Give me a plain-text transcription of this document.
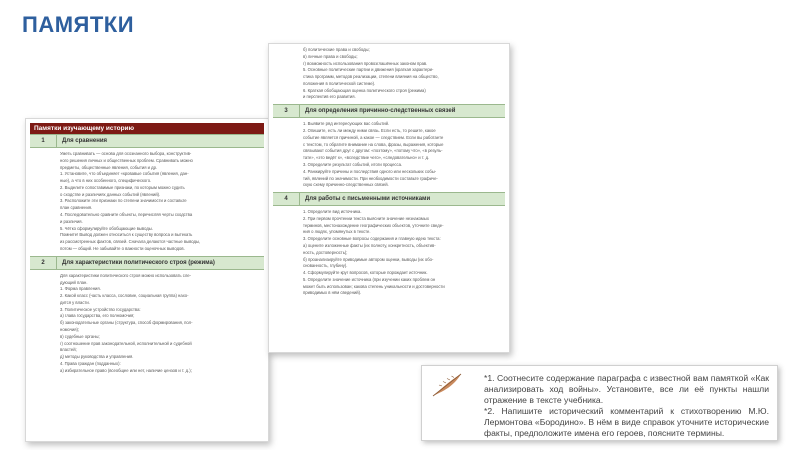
ПАМЯТКИ
Памятки изучающему историю
1	Для сравнения

Уметь сравнивать — основа для осознанного выбора, конструктив-

ного решения личных и общественных проблем. Сравнивать можно

предметы, общественные явления, события и др.

1. Установите, что объединяет «кровавые события (явления, дан-

ные), а что в них особенного, специфического.

2. Выделите сопоставимые признаки, по которым можно судить

о сходстве и различиях данных событий (явлений).

3. Расположите эти признаки по степени значимости и составьте

план сравнения.

4. Последовательно сравните объекты, перечисляя черты сходства

и различия.

5. Чётко сформулируйте обобщающие выводы.

Помните! Вывод должен относиться к существу вопроса и вытекать

из рассмотренных фактов, связей. Сначала делаются частные выводы,

потом — общий. Не забывайте о важности оценочных выводов.

2	Для характеристики политического строя (режима)

Для характеристики политического строя можно использовать сле-

дующий план.

1. Форма правления.

2. Какой класс (часть класса, сословие, социальная группа) нахо-

дится у власти.

3. Политическое устройство государства:

а) глава государства, его полномочия;

б) законодательные органы (структура, способ формирования, пол-

номочия);

в) судебные органы;

г) соотношение прав законодательной, исполнительной и судебной

властей;

д) методы руководства и управления.

4. Права граждан (подданных):

а) избирательное право (всеобщее или нет, наличие цензов и т. д.);

б) политические права и свободы;

в) личные права и свободы;

г) возможность использования провозглашённых законом прав.

5. Основные политические партии и движения (краткая характери-

стика программ, методов реализации, степени влияния на общество,

положения в политической системе).

6. Краткая обобщающая оценка политического строя (режима)

и перспектив его развития.

3	Для определения причинно-следственных связей

1. Выявите ряд интересующих вас событий.

2. Опишите, есть ли между ними связь. Если есть, то решите, какое

событие является причиной, а какое — следствием. Если вы работаете

с текстом, то обратите внимание на слова, фразы, выражения, которые

связывают события друг с другом: «поэтому», «потому что», «в резуль-

тате», «это ведёт к», «вследствие чего», «следовательно» и т. д.

3. Определите результат событий, итоги процесса.

4. Ранжируйте причины и последствия одного или нескольких собы-

тий, явлений по значимости. При необходимости составьте графиче-

скую схему причинно-следственных связей.

4	Для работы с письменными источниками

1. Определите вид источника.

2. При первом прочтении текста выясните значение незнакомых

терминов, местонахождение географических объектов, уточните сведе-

ния о людях, упомянутых в тексте.

3. Определите основные вопросы содержания и главную идею текста:

а) оцените изложенные факты (их полноту, конкретность, объектив-

ность, достоверность);

б) проанализируйте приводимые автором оценки, выводы (их обо-

снованность, глубину).

4. Сформулируйте круг вопросов, которые порождает источник.

5. Определите значение источника (при изучении каких проблем он

может быть использован; какова степень уникальности и достоверности

приводимых в нём сведений).

*1. Соотнесите содержание параграфа с известной вам памяткой «Как анализировать ход войны». Установите, все ли её пункты нашли отражение в тексте учебника.

*2. Напишите исторический комментарий к стихотворению М.Ю. Лермонтова «Бородино». В нём в виде справок уточните исторические факты, предположите имена его героев, поясните термины.
